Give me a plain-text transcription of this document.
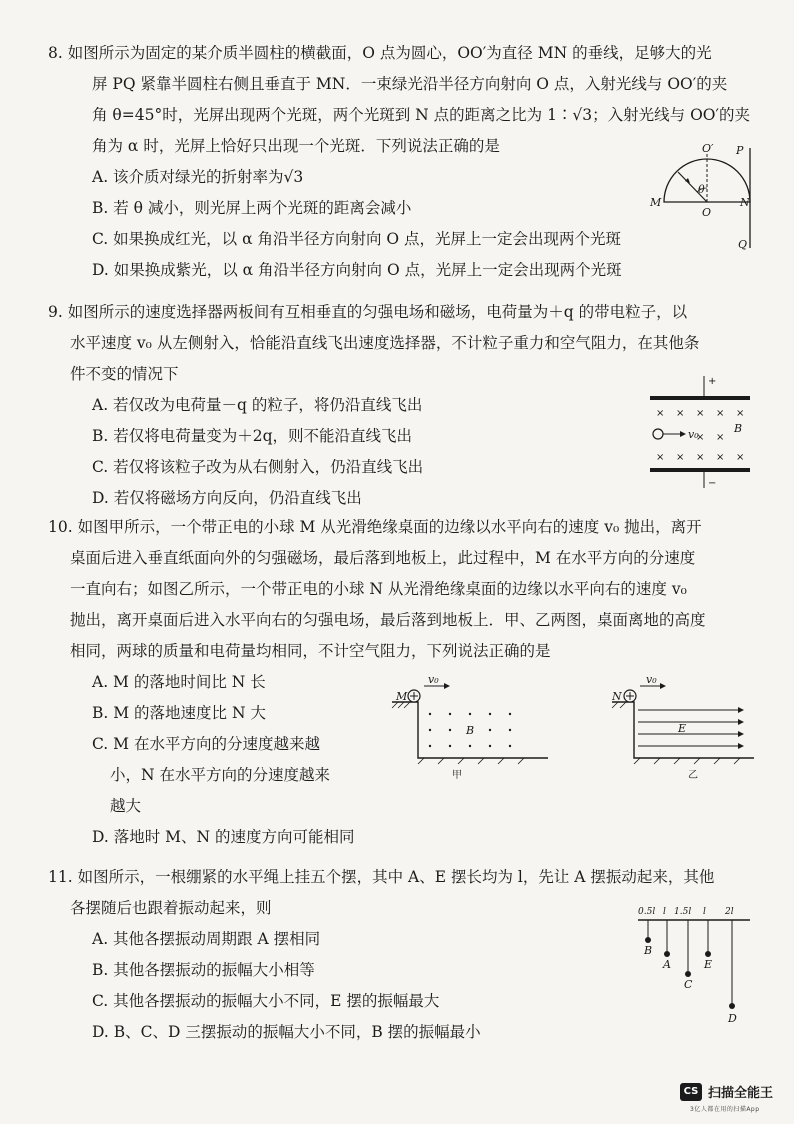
8. 如图所示为固定的某介质半圆柱的横截面，O 点为圆心，OO′为直径 MN 的垂线，足够大的光

屏 PQ 紧靠半圆柱右侧且垂直于 MN．一束绿光沿半径方向射向 O 点，入射光线与 OO′的夹

角 θ=45°时，光屏出现两个光斑，两个光斑到 N 点的距离之比为 1∶√3；入射光线与 OO′的夹

角为 α 时，光屏上恰好只出现一个光斑．下列说法正确的是

A. 该介质对绿光的折射率为√3

B. 若 θ 减小，则光屏上两个光斑的距离会减小

C. 如果换成红光，以 α 角沿半径方向射向 O 点，光屏上一定会出现两个光斑

D. 如果换成紫光，以 α 角沿半径方向射向 O 点，光屏上一定会出现两个光斑

O′ P
θ
M
O
N
Q

9. 如图所示的速度选择器两板间有互相垂直的匀强电场和磁场，电荷量为＋q 的带电粒子，以

水平速度 v₀ 从左侧射入，恰能沿直线飞出速度选择器，不计粒子重力和空气阻力，在其他条

件不变的情况下

A. 若仅改为电荷量－q 的粒子，将仍沿直线飞出

B. 若仅将电荷量变为＋2q，则不能沿直线飞出

C. 若仅将该粒子改为从右侧射入，仍沿直线飞出

D. 若仅将磁场方向反向，仍沿直线飞出

+
−
× × × × ×
× ×
× × × × ×
v₀	B

10. 如图甲所示，一个带正电的小球 M 从光滑绝缘桌面的边缘以水平向右的速度 v₀ 抛出，离开

桌面后进入垂直纸面向外的匀强磁场，最后落到地板上，此过程中，M 在水平方向的分速度

一直向右；如图乙所示，一个带正电的小球 N 从光滑绝缘桌面的边缘以水平向右的速度 v₀

抛出，离开桌面后进入水平向右的匀强电场，最后落到地板上．甲、乙两图，桌面离地的高度

相同，两球的质量和电荷量均相同，不计空气阻力，下列说法正确的是

A. M 的落地时间比 N 长

B. M 的落地速度比 N 大

C. M 在水平方向的分速度越来越

小，N 在水平方向的分速度越来

越大

D. 落地时 M、N 的速度方向可能相同

M
v₀
B
甲
N
v₀
E
乙

11. 如图所示，一根绷紧的水平绳上挂五个摆，其中 A、E 摆长均为 l，先让 A 摆振动起来，其他

各摆随后也跟着振动起来，则

A. 其他各摆振动周期跟 A 摆相同

B. 其他各摆振动的振幅大小相等

C. 其他各摆振动的振幅大小不同，E 摆的振幅最大

D. B、C、D 三摆振动的振幅大小不同，B 摆的振幅最小

0.5l l 1.5l l 2l
B
A
C
E
D
CS 扫描全能王
3亿人都在用的扫描App
